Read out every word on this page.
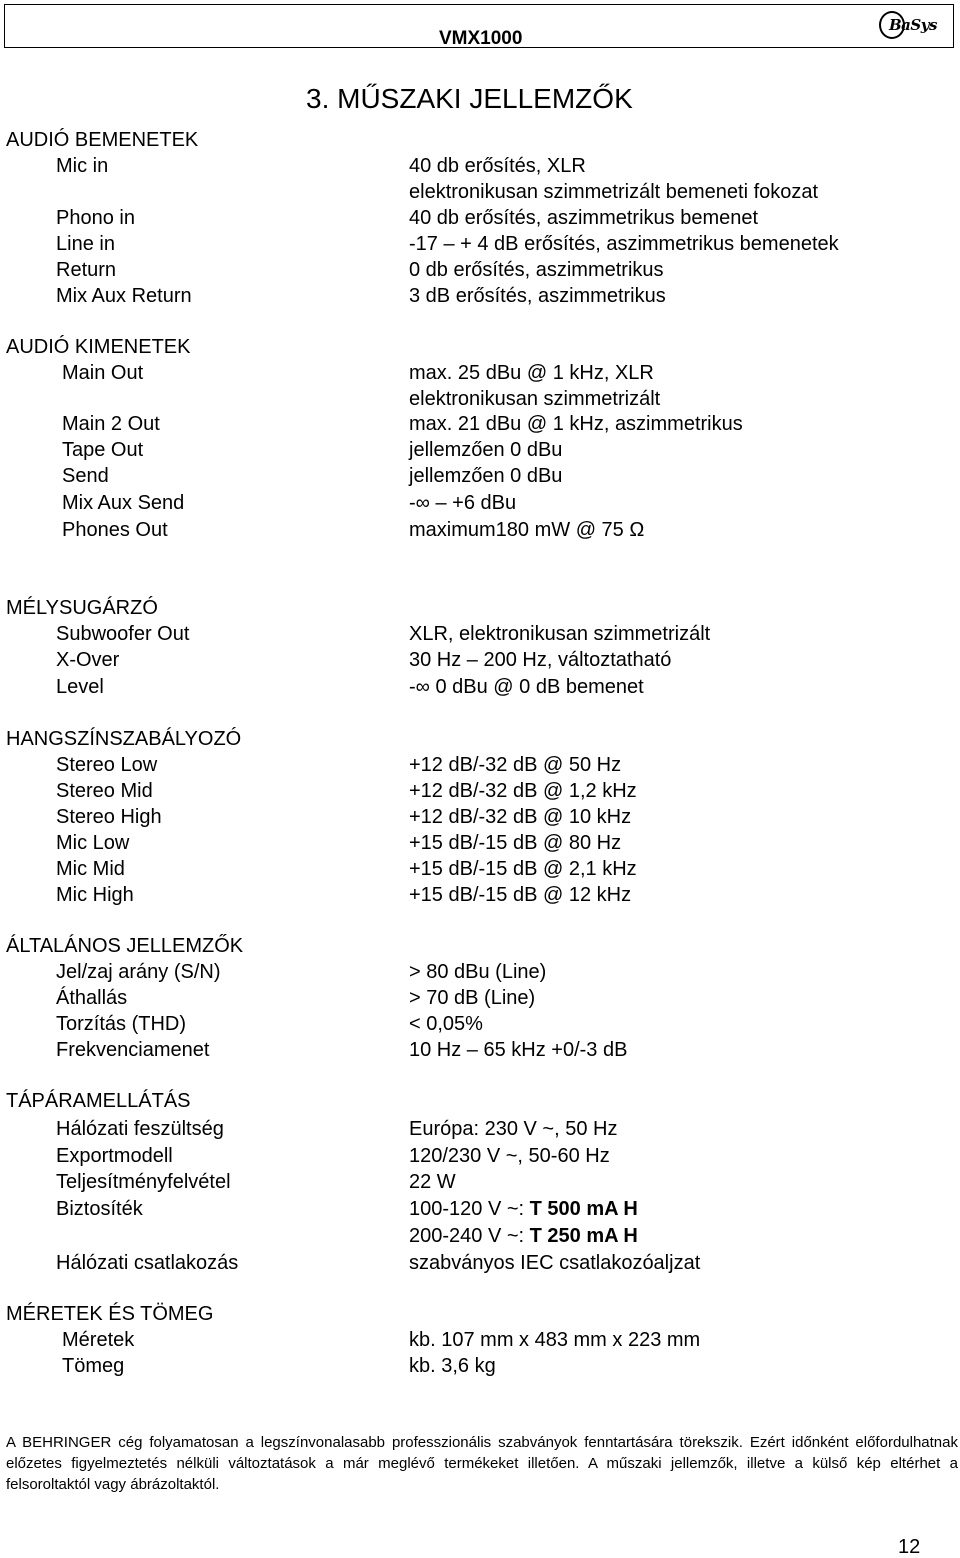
VMX1000
BaSys
3. MŰSZAKI JELLEMZŐK
AUDIÓ BEMENETEK
Mic in	40 db erősítés, XLR
elektronikusan szimmetrizált bemeneti fokozat
Phono in	40 db erősítés, aszimmetrikus bemenet
Line in	-17 – + 4 dB erősítés, aszimmetrikus bemenetek
Return	0 db erősítés, aszimmetrikus
Mix Aux Return	3 dB erősítés, aszimmetrikus
AUDIÓ KIMENETEK
Main Out	max. 25 dBu @ 1 kHz, XLR
elektronikusan szimmetrizált
Main 2 Out	max. 21 dBu @ 1 kHz, aszimmetrikus
Tape Out	jellemzően 0 dBu
Send	jellemzően 0 dBu
Mix Aux Send	-∞ – +6 dBu
Phones Out	maximum180 mW @ 75 Ω
MÉLYSUGÁRZÓ
Subwoofer Out	XLR, elektronikusan szimmetrizált
X-Over	30 Hz – 200 Hz, változtatható
Level	-∞ 0 dBu @ 0 dB bemenet
HANGSZÍNSZABÁLYOZÓ
Stereo Low	+12 dB/-32 dB @ 50 Hz
Stereo Mid	+12 dB/-32 dB @ 1,2 kHz
Stereo High	+12 dB/-32 dB @ 10 kHz
Mic Low	+15 dB/-15 dB @ 80 Hz
Mic Mid	+15 dB/-15 dB @ 2,1 kHz
Mic High	+15 dB/-15 dB @ 12 kHz
ÁLTALÁNOS JELLEMZŐK
Jel/zaj arány (S/N)	> 80 dBu (Line)
Áthallás	> 70 dB (Line)
Torzítás (THD)	< 0,05%
Frekvenciamenet	10 Hz – 65 kHz +0/-3 dB
TÁPÁRAMELLÁTÁS
Hálózati feszültség	Európa: 230 V ~, 50 Hz
Exportmodell	120/230 V ~, 50-60 Hz
Teljesítményfelvétel	22 W
Biztosíték	100-120 V ~: T 500 mA H
200-240 V ~: T 250 mA H
Hálózati csatlakozás	szabványos IEC csatlakozóaljzat
MÉRETEK ÉS TÖMEG
Méretek	kb. 107 mm x 483 mm x 223 mm
Tömeg	kb. 3,6 kg
A BEHRINGER cég folyamatosan a legszínvonalasabb professzionális szabványok fenntartására törekszik. Ezért időnként előfordulhatnak előzetes figyelmeztetés nélküli változtatások a már meglévő termékeket illetően. A műszaki jellemzők, illetve a külső kép eltérhet a felsoroltaktól vagy ábrázoltaktól.
12
